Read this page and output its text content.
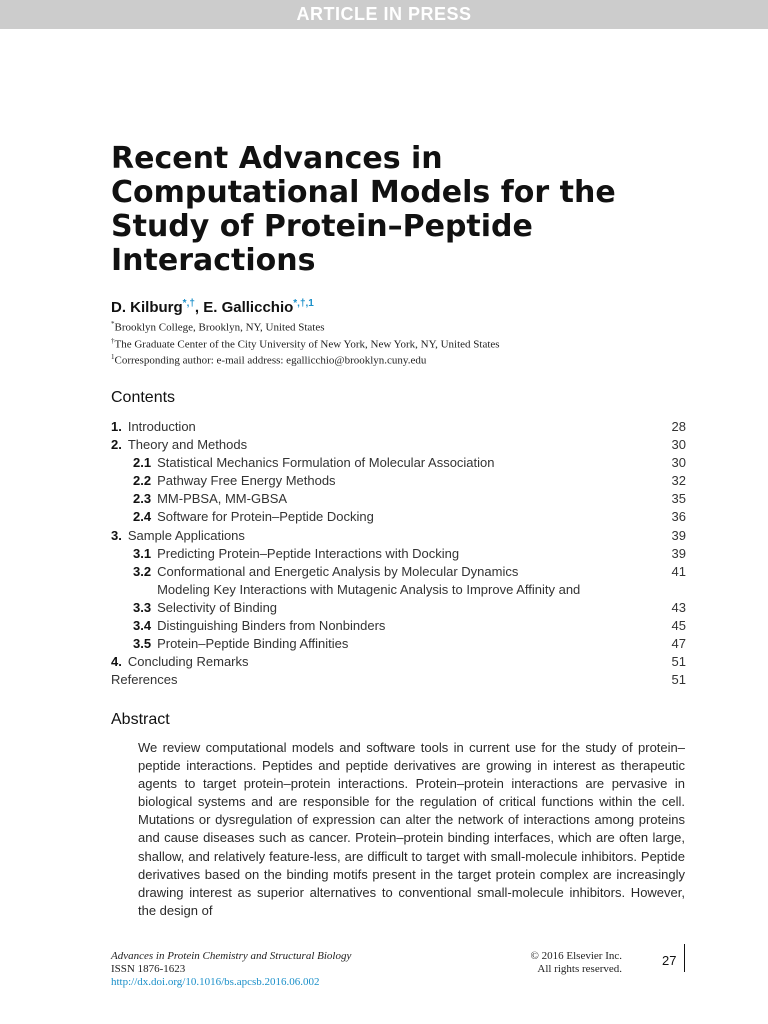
ARTICLE IN PRESS
Recent Advances in Computational Models for the Study of Protein–Peptide Interactions
D. Kilburg*,†, E. Gallicchio$^{*,\dagger,1}$
*Brooklyn College, Brooklyn, NY, United States
†The Graduate Center of the City University of New York, New York, NY, United States
$^1$Corresponding author: e-mail address: egallicchio@brooklyn.cuny.edu
Contents
1. Introduction	28
2. Theory and Methods	30
2.1 Statistical Mechanics Formulation of Molecular Association	30
2.2 Pathway Free Energy Methods	32
2.3 MM-PBSA, MM-GBSA	35
2.4 Software for Protein–Peptide Docking	36
3. Sample Applications	39
3.1 Predicting Protein–Peptide Interactions with Docking	39
3.2 Conformational and Energetic Analysis by Molecular Dynamics	41
3.3Modeling Key Interactions with Mutagenic Analysis to Improve Affinity and
Selectivity of Binding	43
3.4 Distinguishing Binders from Nonbinders	45
3.5 Protein–Peptide Binding Affinities	47
4. Concluding Remarks	51
References	51
Abstract

We review computational models and software tools in current use for the study of protein–peptide interactions. Peptides and peptide derivatives are growing in interest as therapeutic agents to target protein–protein interactions. Protein–protein interactions are pervasive in biological systems and are responsible for the regulation of critical functions within the cell. Mutations or dysregulation of expression can alter the network of interactions among proteins and cause diseases such as cancer. Protein–protein binding interfaces, which are often large, shallow, and relatively feature-less, are difficult to target with small-molecule inhibitors. Peptide derivatives based on the binding motifs present in the target protein complex are increasingly drawing interest as superior alternatives to conventional small-molecule inhibitors. However, the design of

Advances in Protein Chemistry and Structural Biology
ISSN 1876-1623
http://dx.doi.org/10.1016/bs.apcsb.2016.06.002
© 2016 Elsevier Inc.
All rights reserved.
27
